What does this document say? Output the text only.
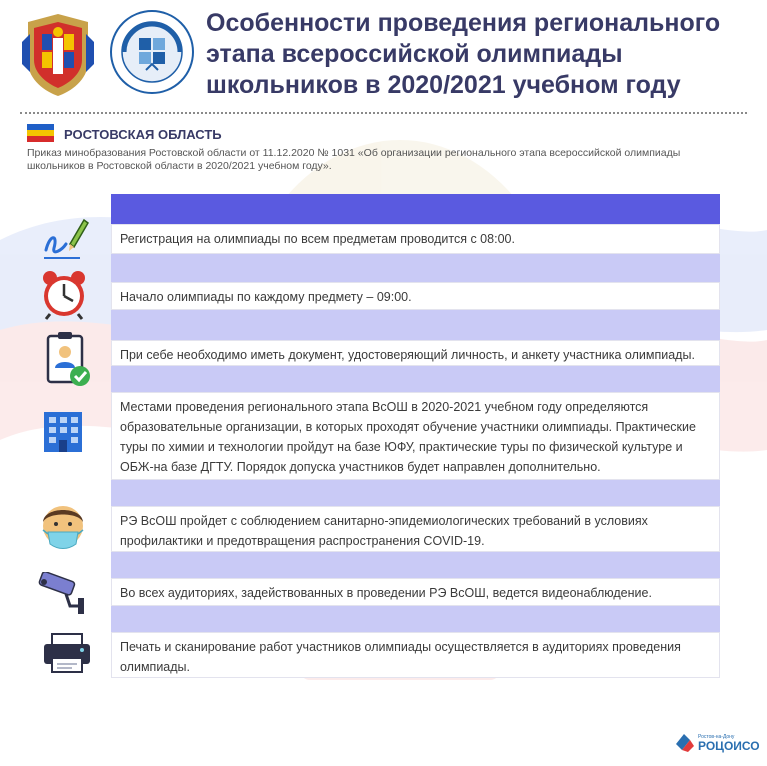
Особенности проведения регионального
этапа всероссийской олимпиады
школьников в 2020/2021 учебном году
РОСТОВСКАЯ ОБЛАСТЬ
Приказ минобразования Ростовской области от 11.12.2020 № 1031 «Об организации регионального этапа всероссийской олимпиады школьников в Ростовской области в 2020/2021 учебном году».
Регистрация на олимпиады по всем предметам проводится с 08:00.
Начало олимпиады по каждому предмету – 09:00.
При себе необходимо иметь документ, удостоверяющий личность, и анкету участника олимпиады.
Местами проведения регионального этапа ВсОШ в 2020-2021 учебном году определяются образовательные организации, в которых проходят обучение участники олимпиады. Практические туры по химии и технологии пройдут на базе ЮФУ, практические туры по физической культуре и ОБЖ-на базе ДГТУ. Порядок допуска участников будет направлен дополнительно.
РЭ ВсОШ пройдет с соблюдением санитарно-эпидемиологических требований в условиях профилактики и предотвращения распространения COVID-19.
Во всех аудиториях, задействованных в проведении РЭ ВсОШ, ведется видеонаблюдение.
Печать и сканирование работ участников олимпиады осуществляется в аудиториях проведения олимпиады.
Ростов-на-Дону
РОЦОИСО
